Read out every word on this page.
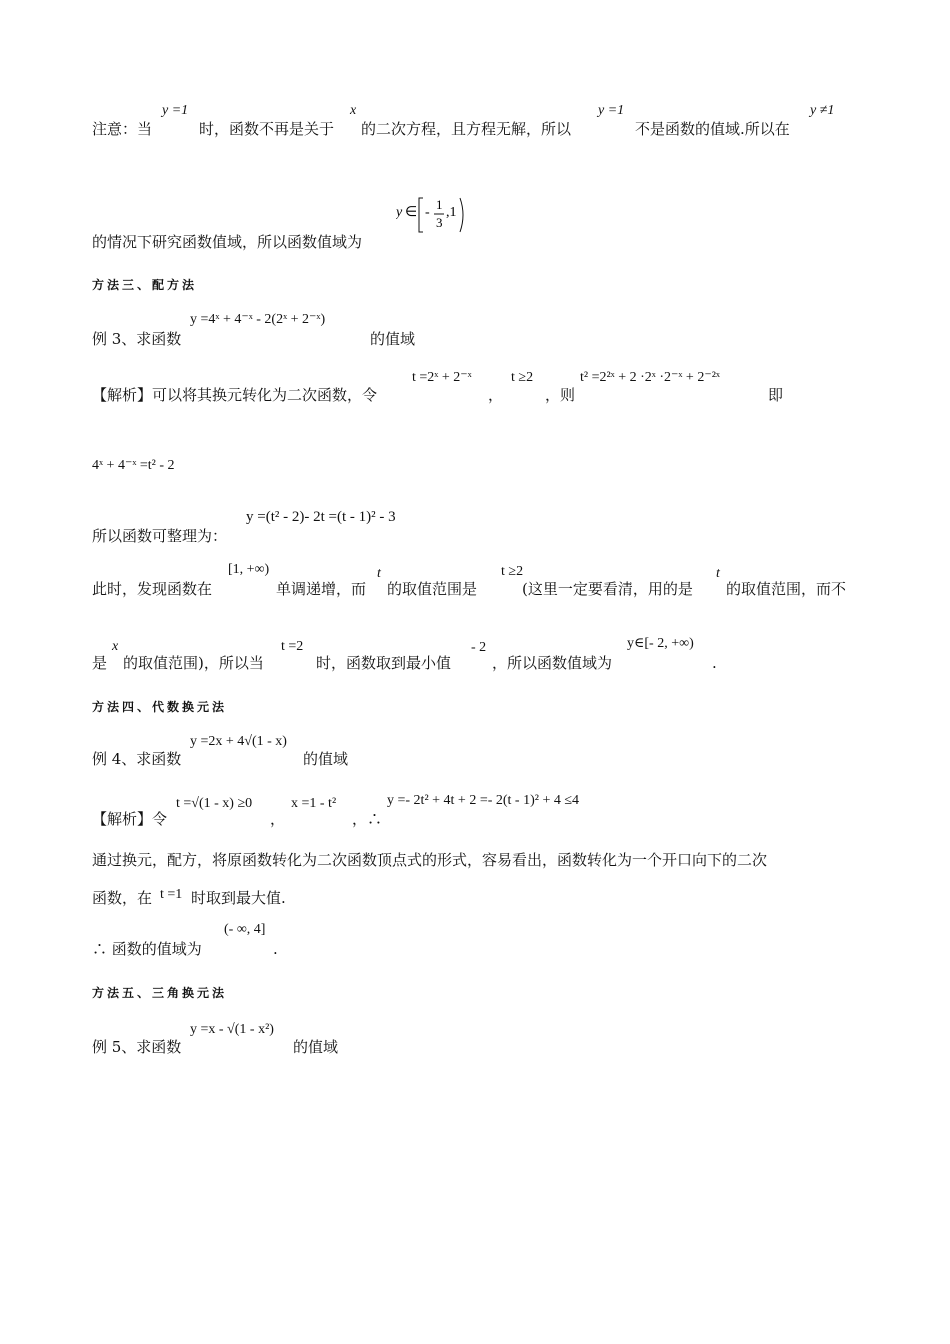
注意：当
y =1
时，函数不再是关于
x
的二次方程，且方程无解，所以
y =1
不是函数的值域.所以在
y ≠1
y ∈ -
1
3
,1
的情况下研究函数值域，所以函数值域为
方法三、配方法
例 3、求函数
y =4ˣ + 4⁻ˣ - 2(2ˣ + 2⁻ˣ)
的值域
【解析】可以将其换元转化为二次函数，令
t =2ˣ + 2⁻ˣ
，
t ≥2
，则
t² =2²ˣ + 2 ·2ˣ ·2⁻ˣ + 2⁻²ˣ
即
4ˣ + 4⁻ˣ =t² - 2
所以函数可整理为：
y =(t² - 2)- 2t =(t - 1)² - 3
此时，发现函数在
[1, +∞)
单调递增，而
t
的取值范围是
t ≥2
(这里一定要看清，用的是
t
的取值范围，而不
是
x
的取值范围)，所以当
t =2
时，函数取到最小值
- 2
，所以函数值域为
y∈[- 2, +∞)
.
方法四、代数换元法
例 4、求函数
y =2x + 4√(1 - x)
的值域
【解析】令
t =√(1 - x) ≥0
，
x =1 - t²
，∴
y =- 2t² + 4t + 2 =- 2(t - 1)² + 4 ≤4
通过换元，配方，将原函数转化为二次函数顶点式的形式，容易看出，函数转化为一个开口向下的二次
函数，在 t =1 时取到最大值.
∴ 函数的值域为
(- ∞, 4]
.
方法五、三角换元法
例 5、求函数
y =x - √(1 - x²)
的值域
